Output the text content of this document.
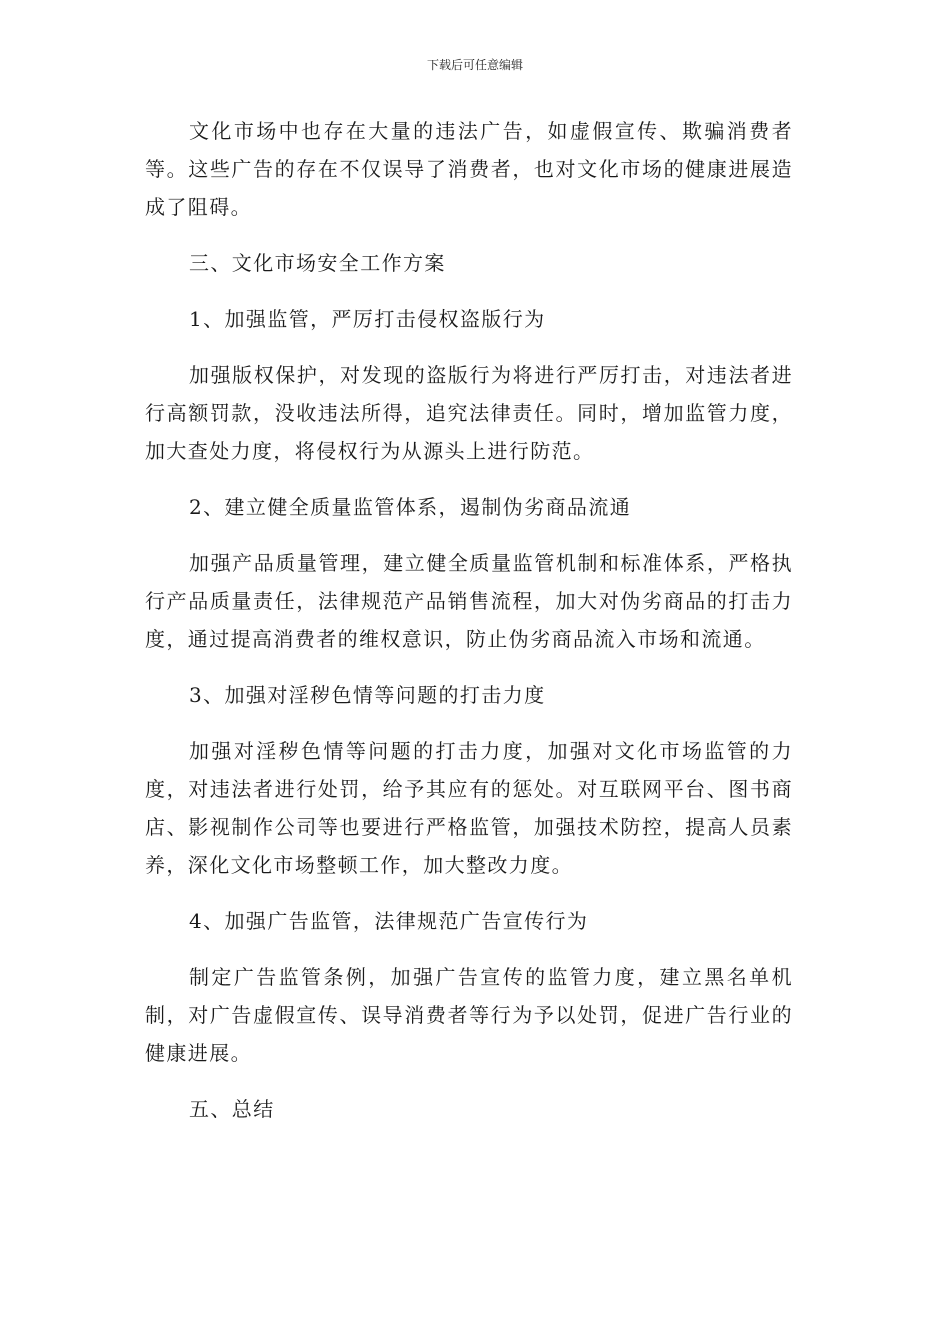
下载后可任意编辑

文化市场中也存在大量的违法广告，如虚假宣传、欺骗消费者等。这些广告的存在不仅误导了消费者，也对文化市场的健康进展造成了阻碍。

三、文化市场安全工作方案

1、加强监管，严厉打击侵权盗版行为

加强版权保护，对发现的盗版行为将进行严厉打击，对违法者进行高额罚款，没收违法所得，追究法律责任。同时，增加监管力度，加大查处力度，将侵权行为从源头上进行防范。

2、建立健全质量监管体系，遏制伪劣商品流通

加强产品质量管理，建立健全质量监管机制和标准体系，严格执行产品质量责任，法律规范产品销售流程，加大对伪劣商品的打击力度，通过提高消费者的维权意识，防止伪劣商品流入市场和流通。

3、加强对淫秽色情等问题的打击力度

加强对淫秽色情等问题的打击力度，加强对文化市场监管的力度，对违法者进行处罚，给予其应有的惩处。对互联网平台、图书商店、影视制作公司等也要进行严格监管，加强技术防控，提高人员素养，深化文化市场整顿工作，加大整改力度。

4、加强广告监管，法律规范广告宣传行为

制定广告监管条例，加强广告宣传的监管力度，建立黑名单机制，对广告虚假宣传、误导消费者等行为予以处罚，促进广告行业的健康进展。

五、总结
